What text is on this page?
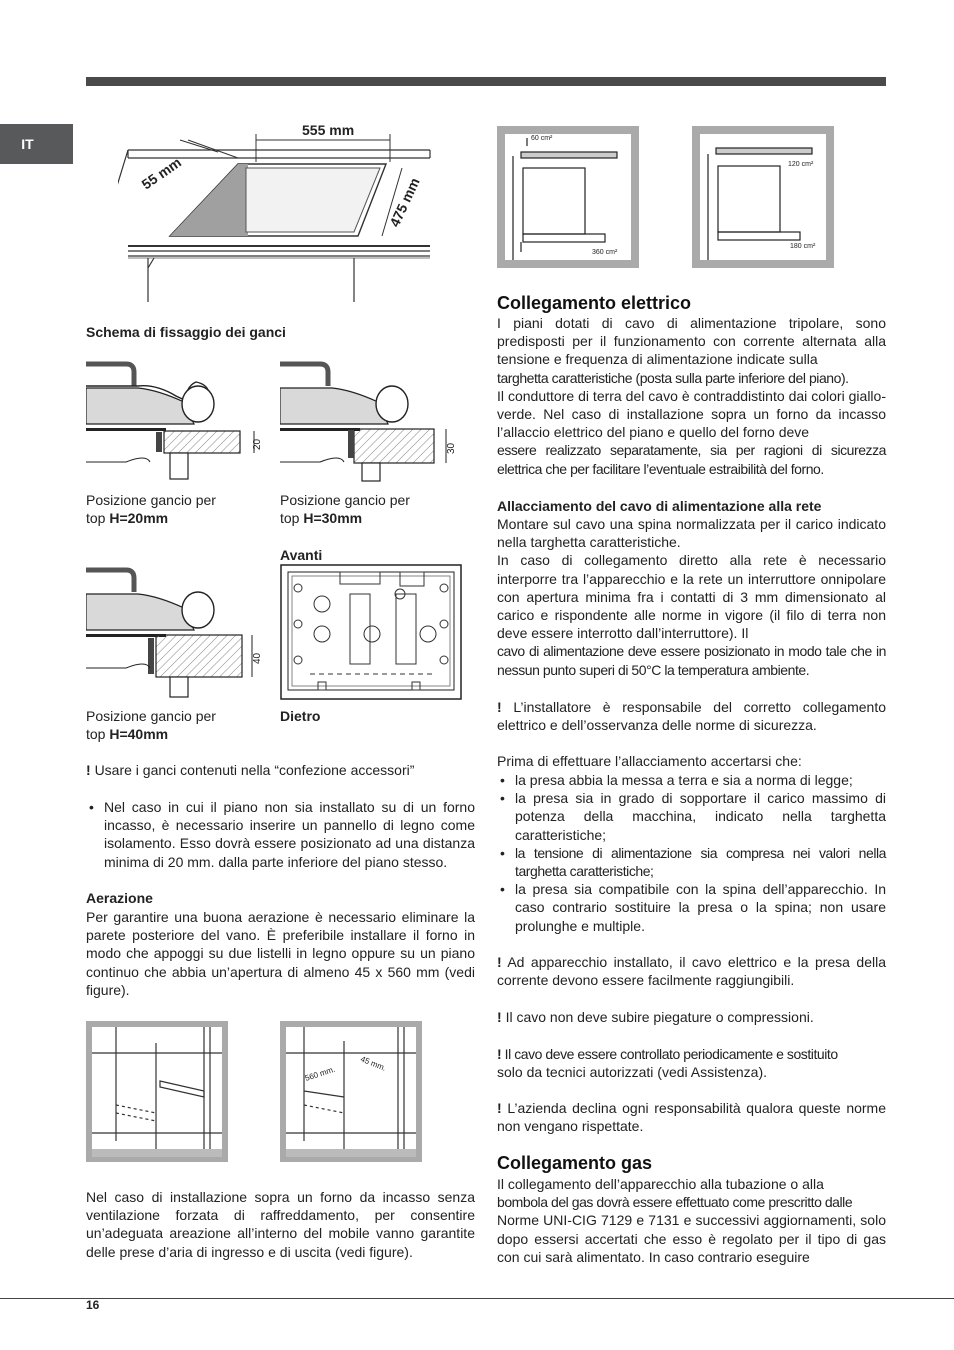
IT
555 mm
55 mm
475 mm
Schema di fissaggio dei ganci
20	30
Posizione gancio per
top H=20mm
Posizione gancio per
top H=30mm
40
Avanti
Posizione gancio per
top H=40mm
Dietro
! Usare i ganci contenuti nella “confezione accessori”
• Nel caso in cui il piano non sia installato su di un forno incasso, è necessario inserire un pannello di legno come isolamento. Esso dovrà essere posizionato ad una distanza minima di 20 mm. dalla parte inferiore del piano stesso.
Aerazione
Per garantire una buona aerazione è necessario eliminare la parete posteriore del vano. È preferibile installare il forno in modo che appoggi su due listelli in legno oppure su un piano continuo che abbia un’apertura di almeno 45 x 560 mm (vedi figure).
560 mm.
45 mm.
Nel caso di installazione sopra un forno da incasso senza ventilazione forzata di raffreddamento, per consentire un’adeguata areazione all’interno del mobile vanno garantite delle prese d’aria di ingresso e di uscita (vedi figure).
60 cm²
360 cm²
120 cm²
180 cm²
Collegamento elettrico
I piani dotati di cavo di alimentazione tripolare, sono predisposti per il funzionamento con corrente alternata alla tensione e frequenza di alimentazione indicate sulla
targhetta caratteristiche (posta sulla parte inferiore del piano).
Il conduttore di terra del cavo è contraddistinto dai colori giallo-verde. Nel caso di installazione sopra un forno da incasso l’allaccio elettrico del piano e quello del forno deve
essere realizzato separatamente, sia per ragioni di sicurezza elettrica che per facilitare l’eventuale estraibilità del forno.
Allacciamento del cavo di alimentazione alla rete
Montare sul cavo una spina normalizzata per il carico indicato nella targhetta caratteristiche.
In caso di collegamento diretto alla rete è necessario interporre tra l’apparecchio e la rete un interruttore onnipolare con apertura minima fra i contatti di 3 mm dimensionato al carico e rispondente alle norme in vigore (il filo di terra non deve essere interrotto dall’interruttore). Il
cavo di alimentazione deve essere posizionato in modo tale che in nessun punto superi di 50°C la temperatura ambiente.
! L’installatore è responsabile del corretto collegamento elettrico e dell’osservanza delle norme di sicurezza.
Prima di effettuare l’allacciamento accertarsi che:
• la presa abbia la messa a terra e sia a norma di legge;
• la presa sia in grado di sopportare il carico massimo di potenza della macchina, indicato nella targhetta caratteristiche;
• la tensione di alimentazione sia compresa nei valori nella targhetta caratteristiche;
• la presa sia compatibile con la spina dell’apparecchio. In caso contrario sostituire la presa o la spina; non usare prolunghe e multiple.
! Ad apparecchio installato, il cavo elettrico e la presa della corrente devono essere facilmente raggiungibili.
! Il cavo non deve subire piegature o compressioni.
! Il cavo deve essere controllato periodicamente e sostituito
solo da tecnici autorizzati (vedi Assistenza).
! L’azienda declina ogni responsabilità qualora queste norme non vengano rispettate.
Collegamento gas
Il collegamento dell’apparecchio alla tubazione o alla
bombola del gas dovrà essere effettuato come prescritto dalle
Norme UNI-CIG 7129 e 7131 e successivi aggiornamenti, solo dopo essersi accertati che esso è regolato per il tipo di gas con cui sarà alimentato. In caso contrario eseguire
16
